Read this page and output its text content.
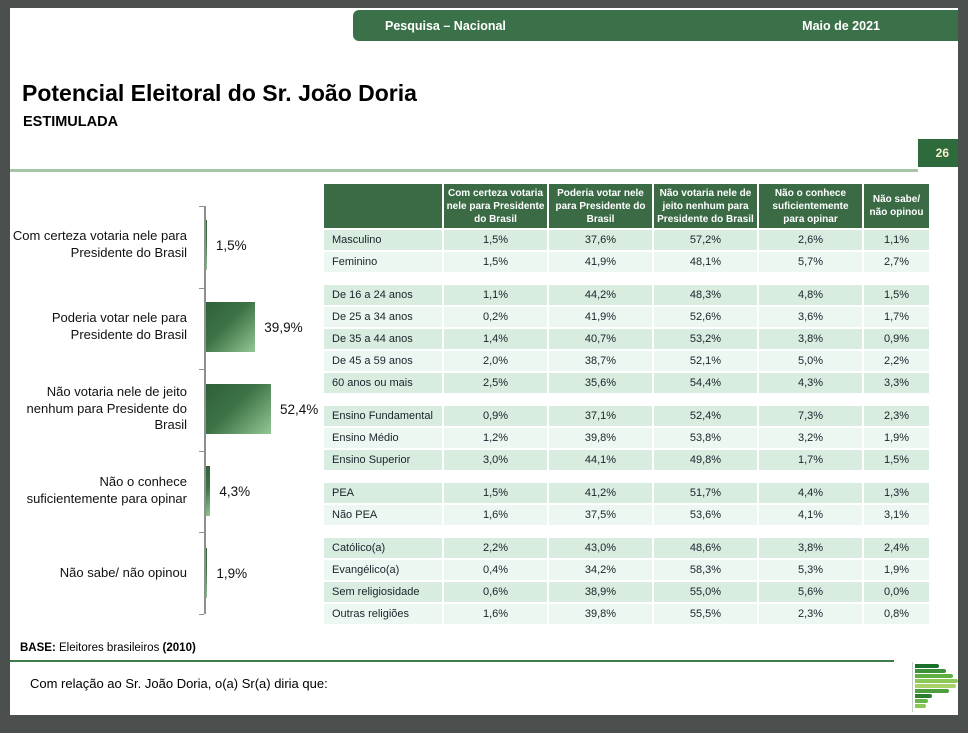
Pesquisa – Nacional	Maio de 2021
Potencial Eleitoral do Sr. João Doria
ESTIMULADA
26
Com certeza votaria nele para Presidente do Brasil	1,5%
Poderia votar nele para Presidente do Brasil	39,9%
Não votaria nele de jeito nenhum para Presidente do Brasil
52,4%
Não o conhece suficientemente para opinar	4,3%
Não sabe/ não opinou	1,9%
BASE: Eleitores brasileiros (2010)
	Com certeza votaria nele para Presidente do Brasil	Poderia votar nele para Presidente do Brasil	Não votaria nele de jeito nenhum para Presidente do Brasil	Não o conhece suficientemente para opinar	Não sabe/ não opinou
Masculino	1,5%	37,6%	57,2%	2,6%	1,1%
Feminino	1,5%	41,9%	48,1%	5,7%	2,7%

De 16 a 24 anos	1,1%	44,2%	48,3%	4,8%	1,5%
De 25 a 34 anos	0,2%	41,9%	52,6%	3,6%	1,7%
De 35 a 44 anos	1,4%	40,7%	53,2%	3,8%	0,9%
De 45 a 59 anos	2,0%	38,7%	52,1%	5,0%	2,2%
60 anos ou mais	2,5%	35,6%	54,4%	4,3%	3,3%

Ensino Fundamental	0,9%	37,1%	52,4%	7,3%	2,3%
Ensino Médio	1,2%	39,8%	53,8%	3,2%	1,9%
Ensino Superior	3,0%	44,1%	49,8%	1,7%	1,5%

PEA	1,5%	41,2%	51,7%	4,4%	1,3%
Não PEA	1,6%	37,5%	53,6%	4,1%	3,1%

Católico(a)	2,2%	43,0%	48,6%	3,8%	2,4%
Evangélico(a)	0,4%	34,2%	58,3%	5,3%	1,9%
Sem religiosidade	0,6%	38,9%	55,0%	5,6%	0,0%
Outras religiões	1,6%	39,8%	55,5%	2,3%	0,8%
Com relação ao Sr. João Doria, o(a) Sr(a) diria que:
